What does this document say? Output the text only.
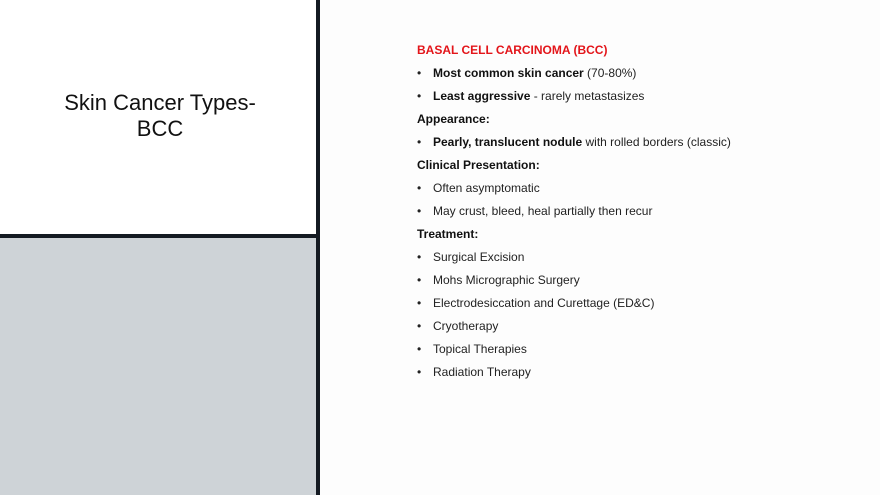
Skin Cancer Types-
BCC
BASAL CELL CARCINOMA (BCC)
• Most common skin cancer (70-80%)
• Least aggressive - rarely metastasizes
Appearance:
• Pearly, translucent nodule with rolled borders (classic)
Clinical Presentation:
• Often asymptomatic
• May crust, bleed, heal partially then recur
Treatment:
• Surgical Excision
• Mohs Micrographic Surgery
• Electrodesiccation and Curettage (ED&C)
• Cryotherapy
• Topical Therapies
• Radiation Therapy
